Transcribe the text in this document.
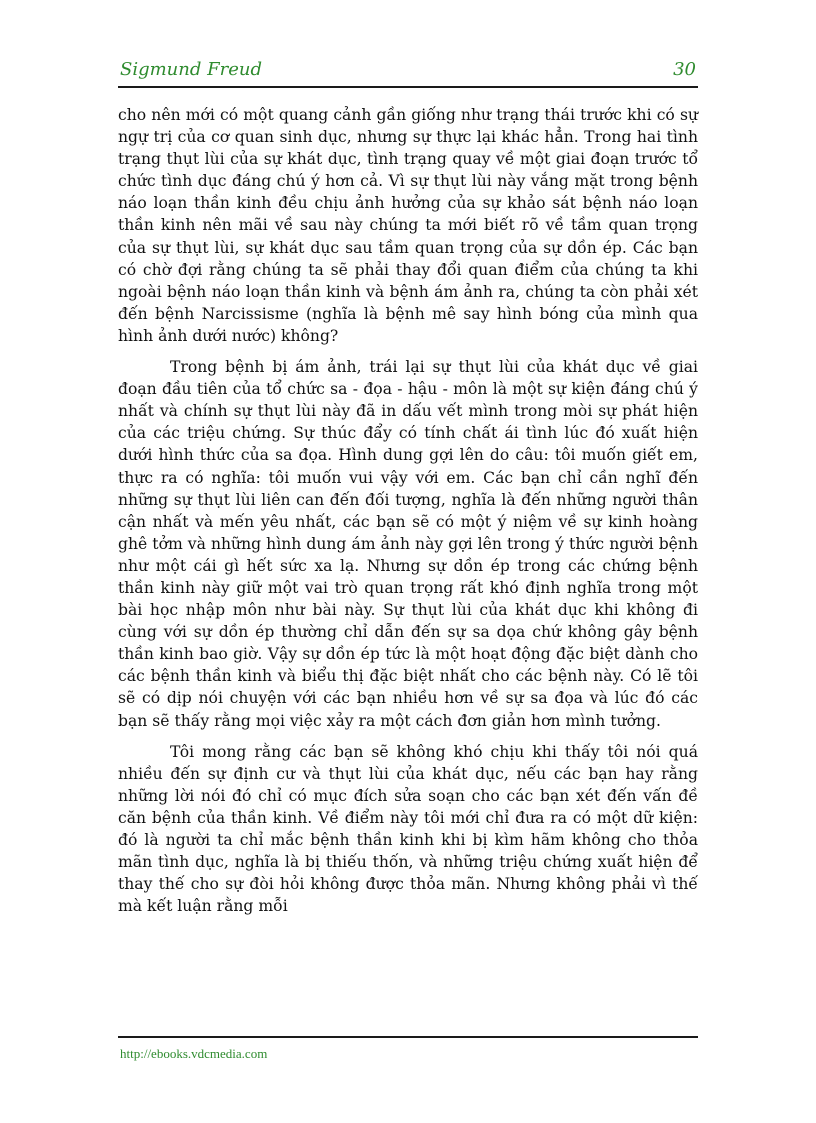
Sigmund Freud	30

cho nên mới có một quang cảnh gần giống như trạng thái trước khi có sự ngự trị của cơ quan sinh dục, nhưng sự thực lại khác hẳn. Trong hai tình trạng thụt lùi của sự khát dục, tình trạng quay về một giai đoạn trước tổ chức tình dục đáng chú ý hơn cả. Vì sự thụt lùi này vắng mặt trong bệnh náo loạn thần kinh đều chịu ảnh hưởng của sự khảo sát bệnh náo loạn thần kinh nên mãi về sau này chúng ta mới biết rõ về tầm quan trọng của sự thụt lùi, sự khát dục sau tầm quan trọng của sự dồn ép. Các bạn có chờ đợi rằng chúng ta sẽ phải thay đổi quan điểm của chúng ta khi ngoài bệnh náo loạn thần kinh và bệnh ám ảnh ra, chúng ta còn phải xét đến bệnh Narcissisme (nghĩa là bệnh mê say hình bóng của mình qua hình ảnh dưới nước) không?

Trong bệnh bị ám ảnh, trái lại sự thụt lùi của khát dục về giai đoạn đầu tiên của tổ chức sa - đọa - hậu - môn là một sự kiện đáng chú ý nhất và chính sự thụt lùi này đã in dấu vết mình trong mòi sự phát hiện của các triệu chứng. Sự thúc đẩy có tính chất ái tình lúc đó xuất hiện dưới hình thức của sa đọa. Hình dung gợi lên do câu: tôi muốn giết em, thực ra có nghĩa: tôi muốn vui vậy với em. Các bạn chỉ cần nghĩ đến những sự thụt lùi liên can đến đối tượng, nghĩa là đến những người thân cận nhất và mến yêu nhất, các bạn sẽ có một ý niệm về sự kinh hoàng ghê tởm và những hình dung ám ảnh này gợi lên trong ý thức người bệnh như một cái gì hết sức xa lạ. Nhưng sự dồn ép trong các chứng bệnh thần kinh này giữ một vai trò quan trọng rất khó định nghĩa trong một bài học nhập môn như bài này. Sự thụt lùi của khát dục khi không đi cùng với sự dồn ép thường chỉ dẫn đến sự sa dọa chứ không gây bệnh thần kinh bao giờ. Vậy sự dồn ép tức là một hoạt động đặc biệt dành cho các bệnh thần kinh và biểu thị đặc biệt nhất cho các bệnh này. Có lẽ tôi sẽ có dịp nói chuyện với các bạn nhiều hơn về sự sa đọa và lúc đó các bạn sẽ thấy rằng mọi việc xảy ra một cách đơn giản hơn mình tưởng.

Tôi mong rằng các bạn sẽ không khó chịu khi thấy tôi nói quá nhiều đến sự định cư và thụt lùi của khát dục, nếu các bạn hay rằng những lời nói đó chỉ có mục đích sửa soạn cho các bạn xét đến vấn đề căn bệnh của thần kinh. Về điểm này tôi mới chỉ đưa ra có một dữ kiện: đó là người ta chỉ mắc bệnh thần kinh khi bị kìm hãm không cho thỏa mãn tình dục, nghĩa là bị thiếu thốn, và những triệu chứng xuất hiện để thay thế cho sự đòi hỏi không được thỏa mãn. Nhưng không phải vì thế mà kết luận rằng mỗi

http://ebooks.vdcmedia.com
